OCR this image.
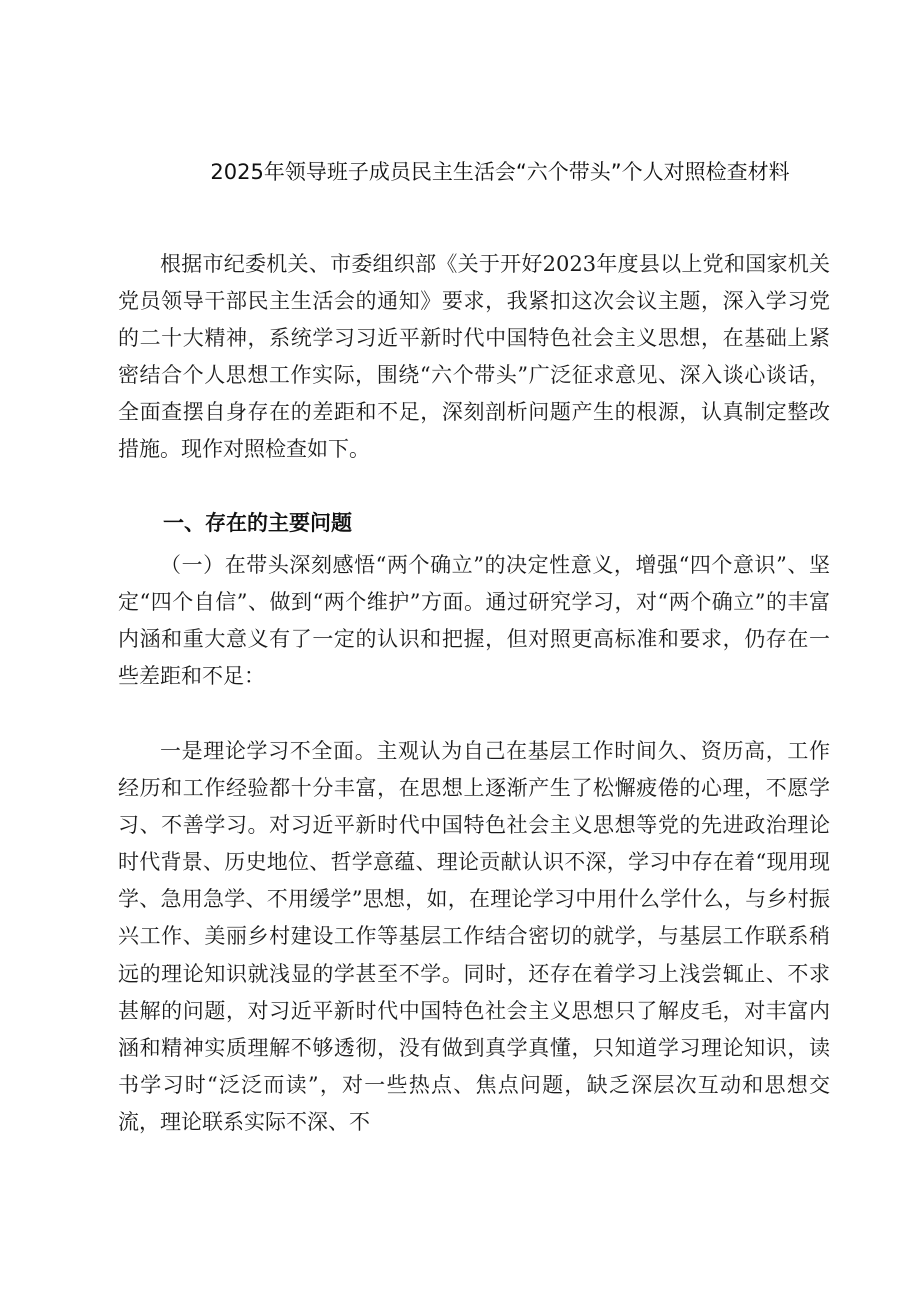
2025年领导班子成员民主生活会“六个带头”个人对照检查材料

根据市纪委机关、市委组织部《关于开好2023年度县以上党和国家机关党员领导干部民主生活会的通知》要求，我紧扣这次会议主题，深入学习党的二十大精神，系统学习习近平新时代中国特色社会主义思想，在基础上紧密结合个人思想工作实际，围绕“六个带头”广泛征求意见、深入谈心谈话，全面查摆自身存在的差距和不足，深刻剖析问题产生的根源，认真制定整改措施。现作对照检查如下。

一、存在的主要问题

（一）在带头深刻感悟“两个确立”的决定性意义，增强“四个意识”、坚定“四个自信”、做到“两个维护”方面。通过研究学习，对“两个确立”的丰富内涵和重大意义有了一定的认识和把握，但对照更高标准和要求，仍存在一些差距和不足：

一是理论学习不全面。主观认为自己在基层工作时间久、资历高，工作经历和工作经验都十分丰富，在思想上逐渐产生了松懈疲倦的心理，不愿学习、不善学习。对习近平新时代中国特色社会主义思想等党的先进政治理论时代背景、历史地位、哲学意蕴、理论贡献认识不深，学习中存在着“现用现学、急用急学、不用缓学”思想，如，在理论学习中用什么学什么，与乡村振兴工作、美丽乡村建设工作等基层工作结合密切的就学，与基层工作联系稍远的理论知识就浅显的学甚至不学。同时，还存在着学习上浅尝辄止、不求甚解的问题，对习近平新时代中国特色社会主义思想只了解皮毛，对丰富内涵和精神实质理解不够透彻，没有做到真学真懂，只知道学习理论知识，读书学习时“泛泛而读”，对一些热点、焦点问题，缺乏深层次互动和思想交流，理论联系实际不深、不
